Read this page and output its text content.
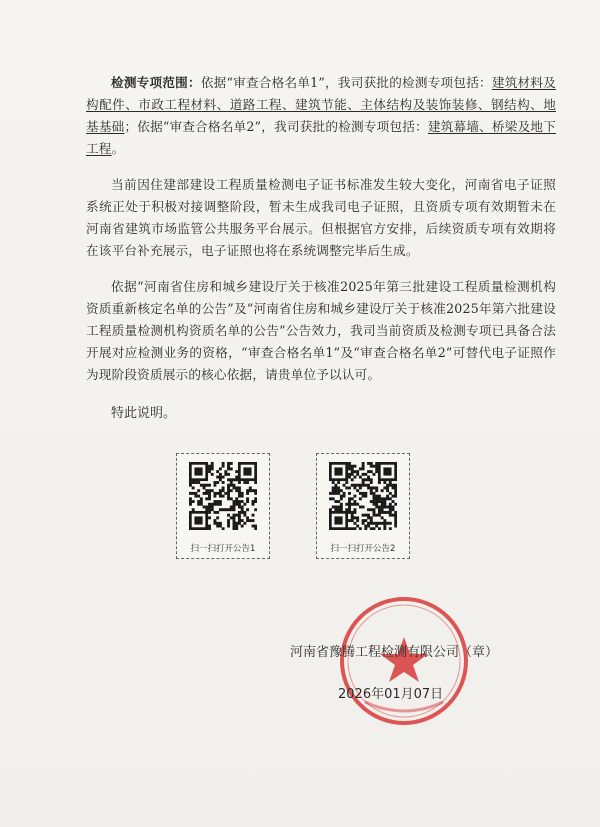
检测专项范围：依据“审查合格名单1”，我司获批的检测专项包括：建筑材料及构配件、市政工程材料、道路工程、建筑节能、主体结构及装饰装修、钢结构、地基基础；依据“审查合格名单2”，我司获批的检测专项包括：建筑幕墙、桥梁及地下工程。

当前因住建部建设工程质量检测电子证书标准发生较大变化，河南省电子证照系统正处于积极对接调整阶段，暂未生成我司电子证照，且资质专项有效期暂未在河南省建筑市场监管公共服务平台展示。但根据官方安排，后续资质专项有效期将在该平台补充展示，电子证照也将在系统调整完毕后生成。

依据“河南省住房和城乡建设厅关于核准2025年第三批建设工程质量检测机构资质重新核定名单的公告”及“河南省住房和城乡建设厅关于核准2025年第六批建设工程质量检测机构资质名单的公告”公告效力，我司当前资质及检测专项已具备合法开展对应检测业务的资格，“审查合格名单1”及“审查合格名单2”可替代电子证照作为现阶段资质展示的核心依据，请贵单位予以认可。

特此说明。
扫一扫打开公告1	扫一扫打开公告2
河南省豫腾工程检测有限公司（章）
2026年01月07日
